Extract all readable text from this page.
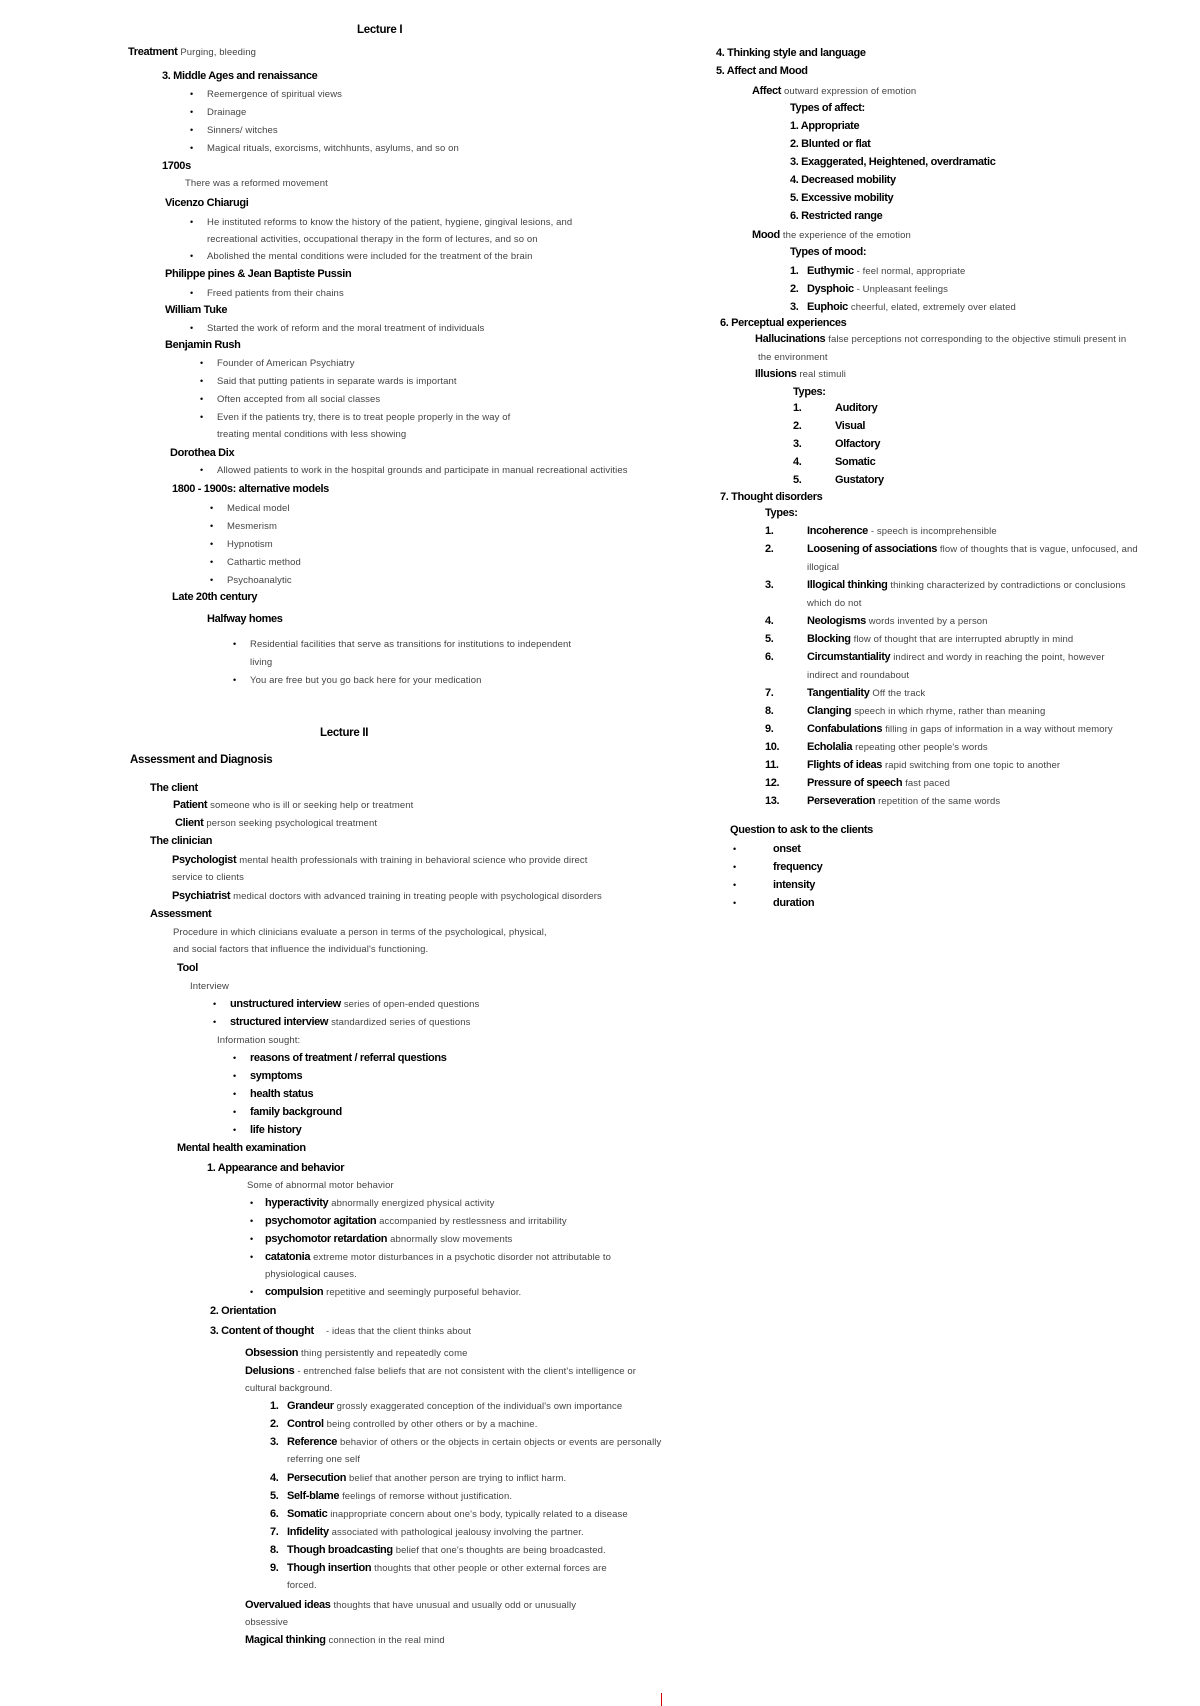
Lecture I
Treatment Purging, bleeding
3. Middle Ages and renaissance
• Reemergence of spiritual views
• Drainage
• Sinners/ witches
• Magical rituals, exorcisms, witchhunts, asylums, and so on
1700s
There was a reformed movement
Vicenzo Chiarugi
• He instituted reforms to know the history of the patient, hygiene, gingival lesions, and
recreational activities, occupational therapy in the form of lectures, and so on
• Abolished the mental conditions were included for the treatment of the brain
Philippe pines & Jean Baptiste Pussin
• Freed patients from their chains
William Tuke
• Started the work of reform and the moral treatment of individuals
Benjamin Rush
• Founder of American Psychiatry
• Said that putting patients in separate wards is important
• Often accepted from all social classes
• Even if the patients try, there is to treat people properly in the way of
treating mental conditions with less showing
Dorothea Dix
• Allowed patients to work in the hospital grounds and participate in manual recreational activities
1800 - 1900s: alternative models
• Medical model
• Mesmerism
• Hypnotism
• Cathartic method
• Psychoanalytic
Late 20th century
Halfway homes
• Residential facilities that serve as transitions for institutions to independent
living
• You are free but you go back here for your medication
Lecture II
Assessment and Diagnosis
The client
Patient someone who is ill or seeking help or treatment
Client person seeking psychological treatment
The clinician
Psychologist mental health professionals with training in behavioral science who provide direct
service to clients
Psychiatrist medical doctors with advanced training in treating people with psychological disorders
Assessment
Procedure in which clinicians evaluate a person in terms of the psychological, physical,
and social factors that influence the individual's functioning.
Tool
Interview
• unstructured interview series of open-ended questions
• structured interview standardized series of questions
Information sought:
• reasons of treatment / referral questions
• symptoms
• health status
• family background
• life history
Mental health examination
1. Appearance and behavior
Some of abnormal motor behavior
• hyperactivity abnormally energized physical activity
• psychomotor agitation accompanied by restlessness and irritability
• psychomotor retardation abnormally slow movements
• catatonia extreme motor disturbances in a psychotic disorder not attributable to
physiological causes.
• compulsion repetitive and seemingly purposeful behavior.
2. Orientation
3. Content of thought - ideas that the client thinks about
Obsession thing persistently and repeatedly come
Delusions - entrenched false beliefs that are not consistent with the client's intelligence or
cultural background.
1. Grandeur grossly exaggerated conception of the individual's own importance
2. Control being controlled by other others or by a machine.
3. Reference behavior of others or the objects in certain objects or events are personally
4. Persecution belief that another person are trying to inflict harm.
5. Self-blame feelings of remorse without justification.
6. Somatic inappropriate concern about one's body, typically related to a disease
7. Infidelity associated with pathological jealousy involving the partner.
8. Though broadcasting belief that one's thoughts are being broadcasted.
9. Though insertion thoughts that other people or other external forces are
referring one self
forced.
Overvalued ideas thoughts that have unusual and usually odd or unusually
obsessive
Magical thinking connection in the real mind
4. Thinking style and language
5. Affect and Mood
Affect outward expression of emotion
Types of affect:
1. Appropriate
2. Blunted or flat
3. Exaggerated, Heightened, overdramatic
4. Decreased mobility
5. Excessive mobility
6. Restricted range
Mood the experience of the emotion
Types of mood:
1. Euthymic - feel normal, appropriate
2. Dysphoic - Unpleasant feelings
3. Euphoic cheerful, elated, extremely over elated
6. Perceptual experiences
Hallucinations false perceptions not corresponding to the objective stimuli present in
the environment
Illusions real stimuli
Types:
1.	Auditory
2.	Visual
3.	Olfactory
4.	Somatic
5.	Gustatory
7. Thought disorders
Types:
1.	Incoherence - speech is incomprehensible
2.	Loosening of associations flow of thoughts that is vague, unfocused, and
3.	Illogical thinking thinking characterized by contradictions or conclusions
4.	Neologisms words invented by a person
5.	Blocking flow of thought that are interrupted abruptly in mind
6.	Circumstantiality indirect and wordy in reaching the point, however
7.	Tangentiality Off the track
8.	Clanging speech in which rhyme, rather than meaning
9.	Confabulations filling in gaps of information in a way without memory
10.	Echolalia repeating other people's words
11.	Flights of ideas rapid switching from one topic to another
12.	Pressure of speech fast paced
13.	Perseveration repetition of the same words
illogical
which do not
indirect and roundabout
Question to ask to the clients
•	onset
•	frequency
•	intensity
•	duration
